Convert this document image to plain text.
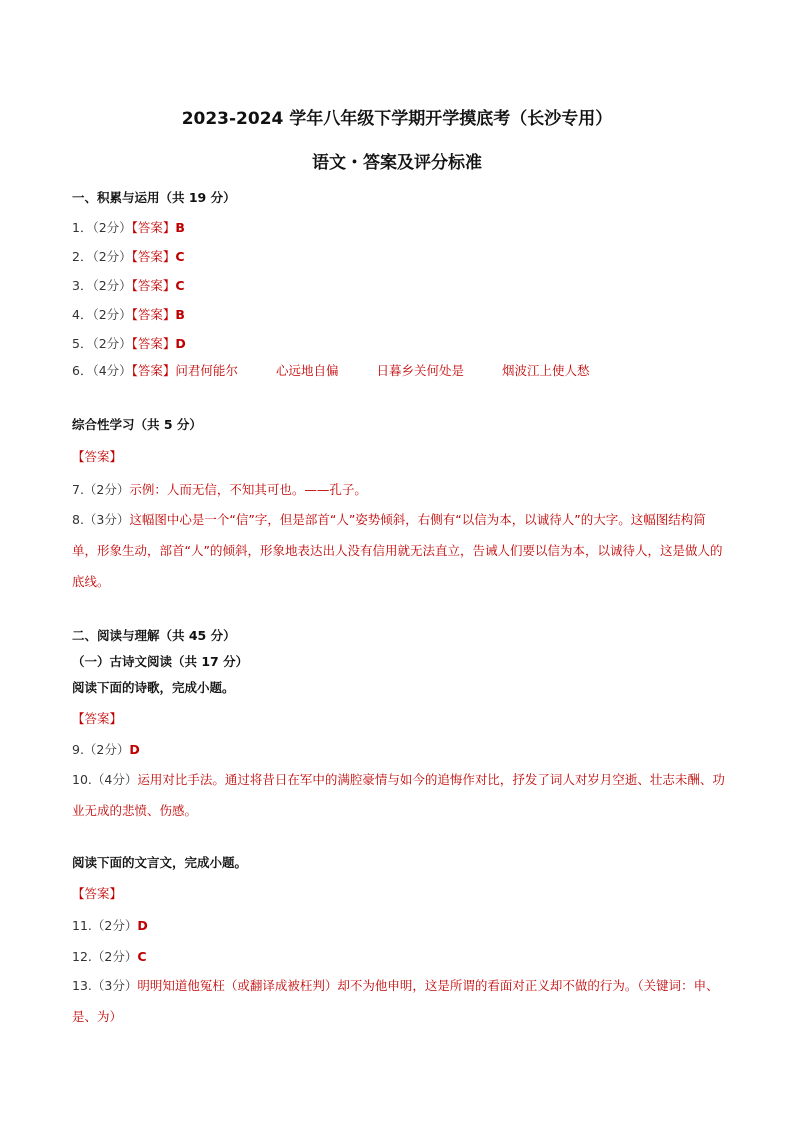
2023-2024 学年八年级下学期开学摸底考（长沙专用）
语文・答案及评分标准
一、积累与运用（共 19 分）
1．（2分）【答案】B
2．（2分）【答案】C
3．（2分）【答案】C
4．（2分）【答案】B
5．（2分）【答案】D
6．（4分）【答案】问君何能尔	心远地自偏	日暮乡关何处是	烟波江上使人愁
综合性学习（共 5 分）
【答案】
7.（2分）示例：人而无信，不知其可也。——孔子。
8.（3分）这幅图中心是一个“信”字，但是部首“人”姿势倾斜，右侧有“以信为本，以诚待人”的大字。这幅图结构简单，形象生动，部首“人”的倾斜，形象地表达出人没有信用就无法直立，告诫人们要以信为本，以诚待人，这是做人的底线。
二、阅读与理解（共 45 分）
（一）古诗文阅读（共 17 分）
阅读下面的诗歌，完成小题。
【答案】
9.（2分）D
10.（4分）运用对比手法。通过将昔日在军中的满腔豪情与如今的追悔作对比，抒发了词人对岁月空逝、壮志未酬、功业无成的悲愤、伤感。
阅读下面的文言文，完成小题。
【答案】
11.（2分）D
12.（2分）C
13.（3分）明明知道他冤枉（或翻译成被枉判）却不为他申明，这是所谓的看面对正义却不做的行为。（关键词：申、是、为）
